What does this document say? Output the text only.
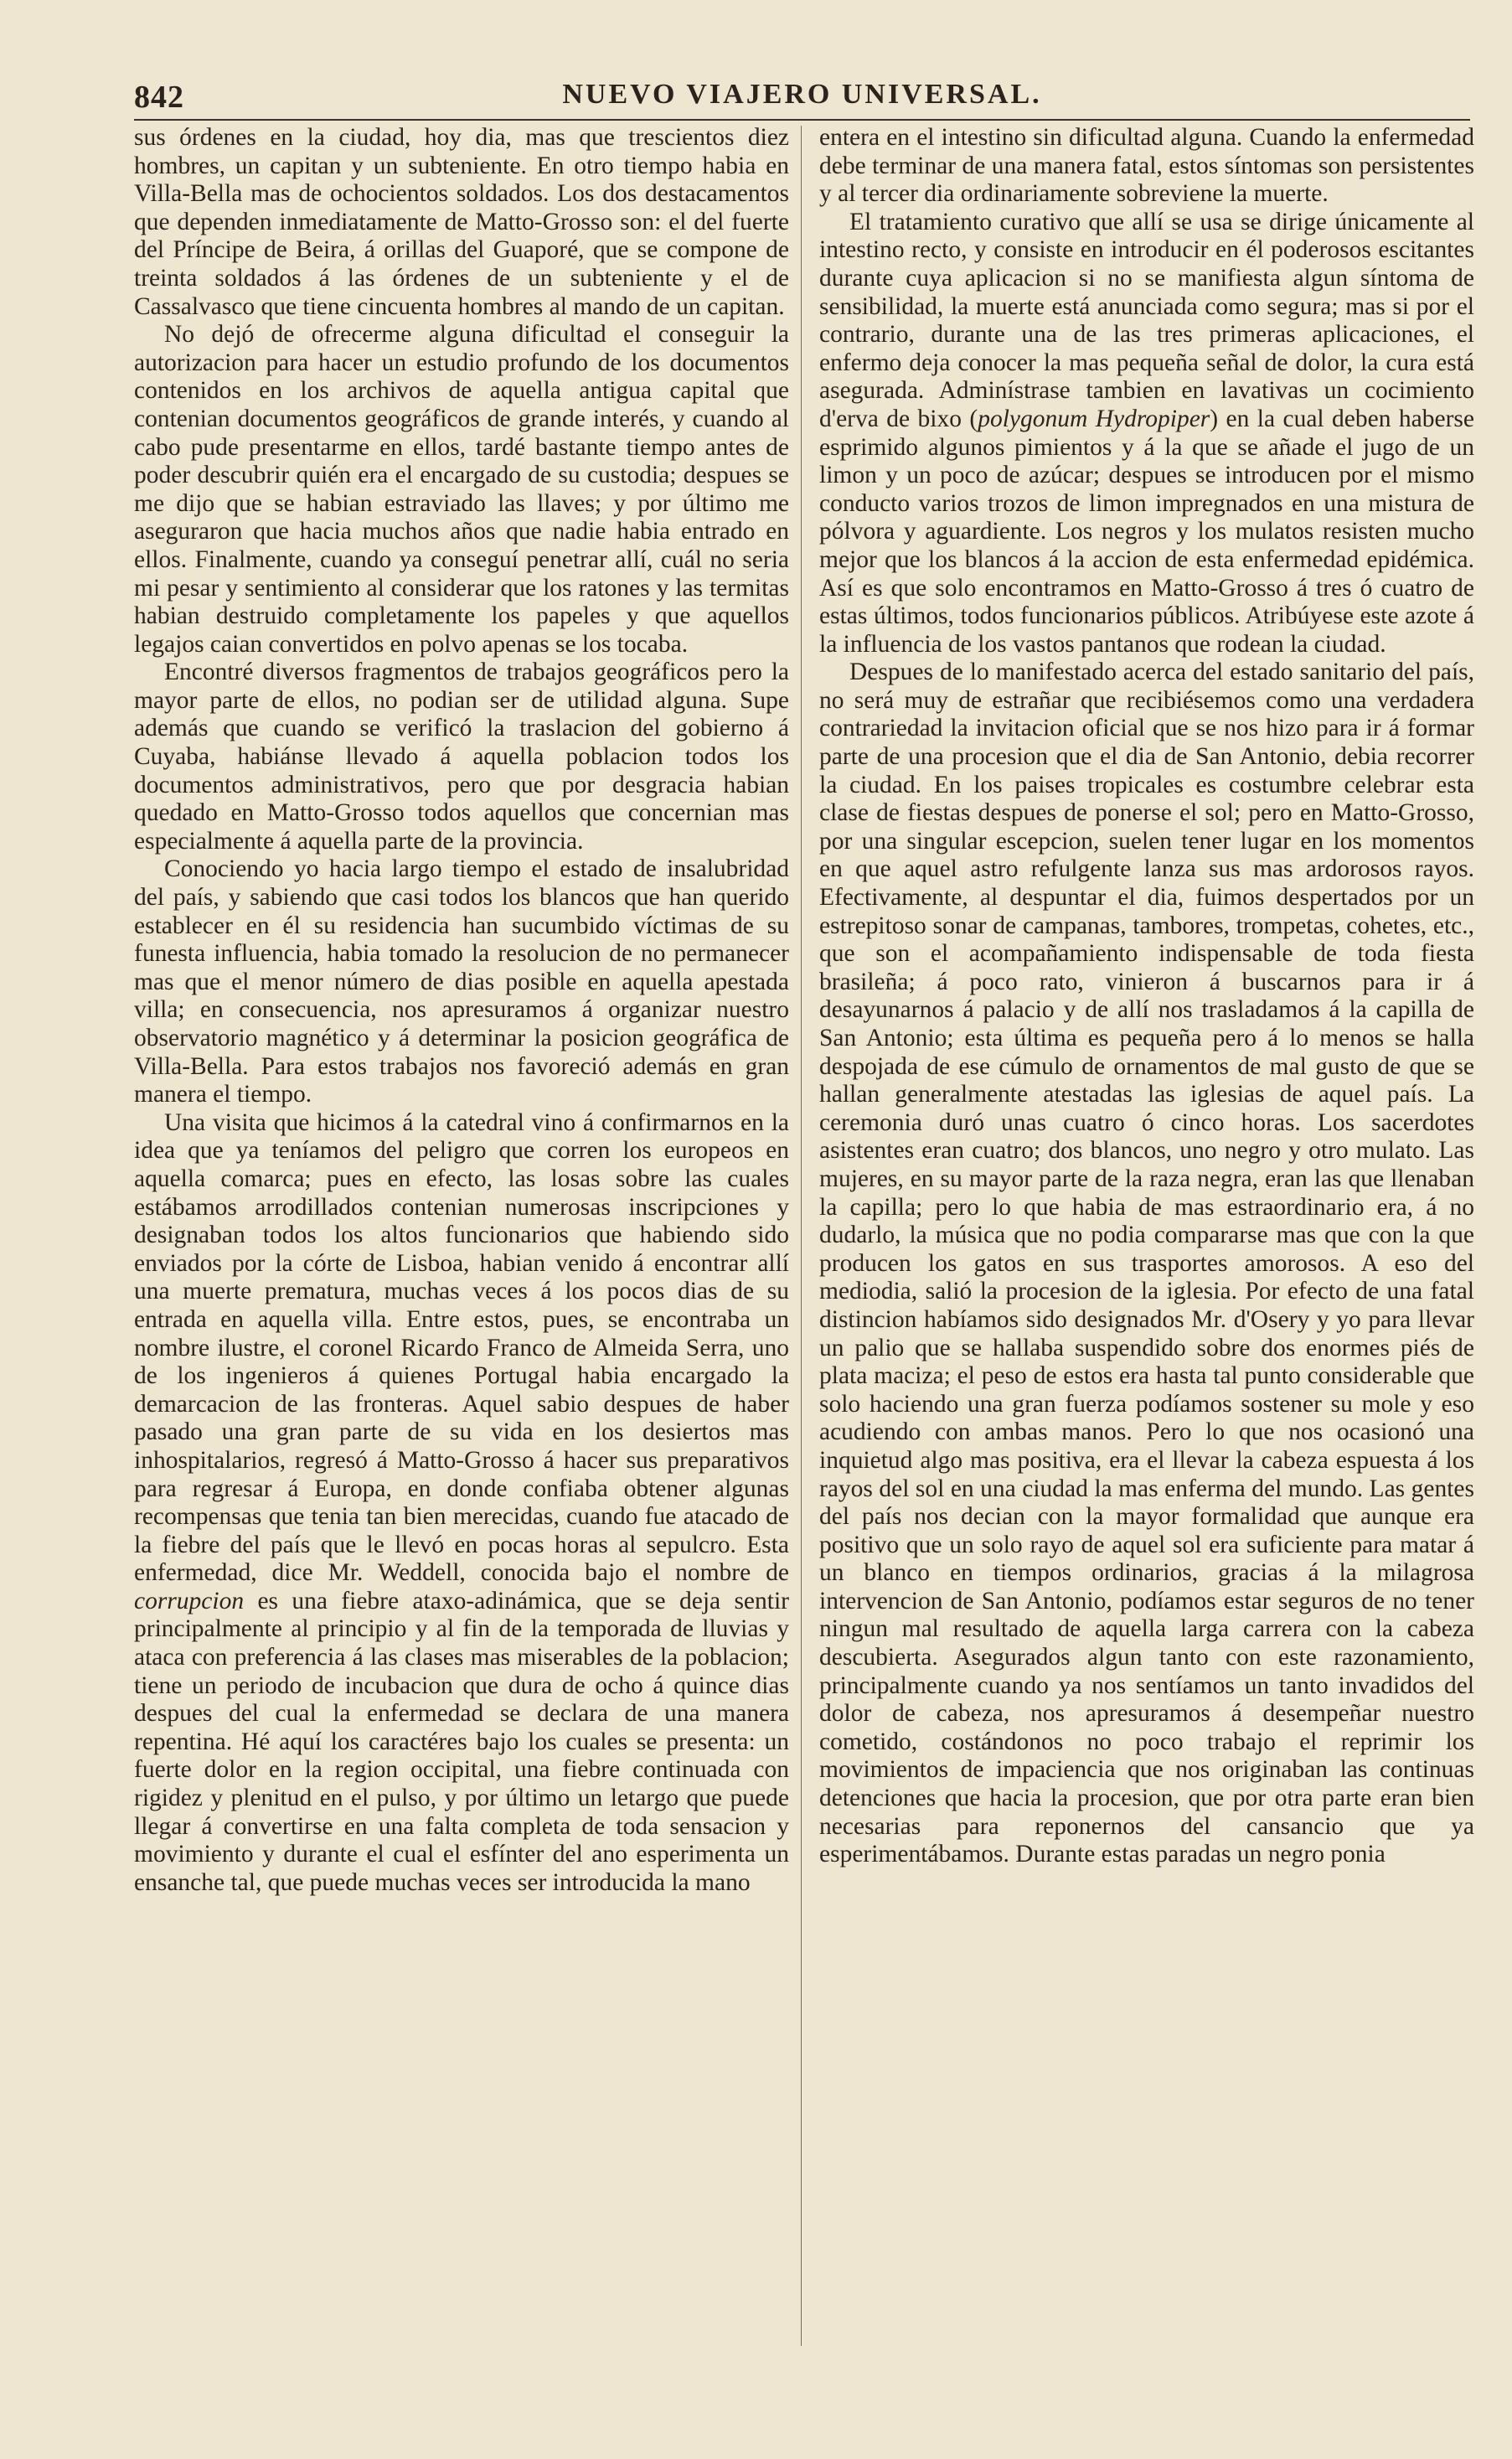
842	NUEVO VIAJERO UNIVERSAL.

sus órdenes en la ciudad, hoy dia, mas que trescientos diez hombres, un capitan y un subteniente. En otro tiempo habia en Villa-Bella mas de ochocientos soldados. Los dos destacamentos que dependen inmediatamente de Matto-Grosso son: el del fuerte del Príncipe de Beira, á orillas del Guaporé, que se compone de treinta soldados á las órdenes de un subteniente y el de Cassalvasco que tiene cincuenta hombres al mando de un capitan.

No dejó de ofrecerme alguna dificultad el conseguir la autorizacion para hacer un estudio profundo de los documentos contenidos en los archivos de aquella antigua capital que contenian documentos geográficos de grande interés, y cuando al cabo pude presentarme en ellos, tardé bastante tiempo antes de poder descubrir quién era el encargado de su custodia; despues se me dijo que se habian estraviado las llaves; y por último me aseguraron que hacia muchos años que nadie habia entrado en ellos. Finalmente, cuando ya conseguí penetrar allí, cuál no seria mi pesar y sentimiento al considerar que los ratones y las termitas habian destruido completamente los papeles y que aquellos legajos caian convertidos en polvo apenas se los tocaba.

Encontré diversos fragmentos de trabajos geográficos pero la mayor parte de ellos, no podian ser de utilidad alguna. Supe además que cuando se verificó la traslacion del gobierno á Cuyaba, habiánse llevado á aquella poblacion todos los documentos administrativos, pero que por desgracia habian quedado en Matto-Grosso todos aquellos que concernian mas especialmente á aquella parte de la provincia.

Conociendo yo hacia largo tiempo el estado de insalubridad del país, y sabiendo que casi todos los blancos que han querido establecer en él su residencia han sucumbido víctimas de su funesta influencia, habia tomado la resolucion de no permanecer mas que el menor número de dias posible en aquella apestada villa; en consecuencia, nos apresuramos á organizar nuestro observatorio magnético y á determinar la posicion geográfica de Villa-Bella. Para estos trabajos nos favoreció además en gran manera el tiempo.

Una visita que hicimos á la catedral vino á confirmarnos en la idea que ya teníamos del peligro que corren los europeos en aquella comarca; pues en efecto, las losas sobre las cuales estábamos arrodillados contenian numerosas inscripciones y designaban todos los altos funcionarios que habiendo sido enviados por la córte de Lisboa, habian venido á encontrar allí una muerte prematura, muchas veces á los pocos dias de su entrada en aquella villa. Entre estos, pues, se encontraba un nombre ilustre, el coronel Ricardo Franco de Almeida Serra, uno de los ingenieros á quienes Portugal habia encargado la demarcacion de las fronteras. Aquel sabio despues de haber pasado una gran parte de su vida en los desiertos mas inhospitalarios, regresó á Matto-Grosso á hacer sus preparativos para regresar á Europa, en donde confiaba obtener algunas recompensas que tenia tan bien merecidas, cuando fue atacado de la fiebre del país que le llevó en pocas horas al sepulcro. Esta enfermedad, dice Mr. Weddell, conocida bajo el nombre de corrupcion es una fiebre ataxo-adinámica, que se deja sentir principalmente al principio y al fin de la temporada de lluvias y ataca con preferencia á las clases mas miserables de la poblacion; tiene un periodo de incubacion que dura de ocho á quince dias despues del cual la enfermedad se declara de una manera repentina. Hé aquí los caractéres bajo los cuales se presenta: un fuerte dolor en la region occipital, una fiebre continuada con rigidez y plenitud en el pulso, y por último un letargo que puede llegar á convertirse en una falta completa de toda sensacion y movimiento y durante el cual el esfínter del ano esperimenta un ensanche tal, que puede muchas veces ser introducida la mano

entera en el intestino sin dificultad alguna. Cuando la enfermedad debe terminar de una manera fatal, estos síntomas son persistentes y al tercer dia ordinariamente sobreviene la muerte.

El tratamiento curativo que allí se usa se dirige únicamente al intestino recto, y consiste en introducir en él poderosos escitantes durante cuya aplicacion si no se manifiesta algun síntoma de sensibilidad, la muerte está anunciada como segura; mas si por el contrario, durante una de las tres primeras aplicaciones, el enfermo deja conocer la mas pequeña señal de dolor, la cura está asegurada. Adminístrase tambien en lavativas un cocimiento d'erva de bixo (polygonum Hydropiper) en la cual deben haberse esprimido algunos pimientos y á la que se añade el jugo de un limon y un poco de azúcar; despues se introducen por el mismo conducto varios trozos de limon impregnados en una mistura de pólvora y aguardiente. Los negros y los mulatos resisten mucho mejor que los blancos á la accion de esta enfermedad epidémica. Así es que solo encontramos en Matto-Grosso á tres ó cuatro de estas últimos, todos funcionarios públicos. Atribúyese este azote á la influencia de los vastos pantanos que rodean la ciudad.

Despues de lo manifestado acerca del estado sanitario del país, no será muy de estrañar que recibiésemos como una verdadera contrariedad la invitacion oficial que se nos hizo para ir á formar parte de una procesion que el dia de San Antonio, debia recorrer la ciudad. En los paises tropicales es costumbre celebrar esta clase de fiestas despues de ponerse el sol; pero en Matto-Grosso, por una singular escepcion, suelen tener lugar en los momentos en que aquel astro refulgente lanza sus mas ardorosos rayos. Efectivamente, al despuntar el dia, fuimos despertados por un estrepitoso sonar de campanas, tambores, trompetas, cohetes, etc., que son el acompañamiento indispensable de toda fiesta brasileña; á poco rato, vinieron á buscarnos para ir á desayunarnos á palacio y de allí nos trasladamos á la capilla de San Antonio; esta última es pequeña pero á lo menos se halla despojada de ese cúmulo de ornamentos de mal gusto de que se hallan generalmente atestadas las iglesias de aquel país. La ceremonia duró unas cuatro ó cinco horas. Los sacerdotes asistentes eran cuatro; dos blancos, uno negro y otro mulato. Las mujeres, en su mayor parte de la raza negra, eran las que llenaban la capilla; pero lo que habia de mas estraordinario era, á no dudarlo, la música que no podia compararse mas que con la que producen los gatos en sus trasportes amorosos. A eso del mediodia, salió la procesion de la iglesia. Por efecto de una fatal distincion habíamos sido designados Mr. d'Osery y yo para llevar un palio que se hallaba suspendido sobre dos enormes piés de plata maciza; el peso de estos era hasta tal punto considerable que solo haciendo una gran fuerza podíamos sostener su mole y eso acudiendo con ambas manos. Pero lo que nos ocasionó una inquietud algo mas positiva, era el llevar la cabeza espuesta á los rayos del sol en una ciudad la mas enferma del mundo. Las gentes del país nos decian con la mayor formalidad que aunque era positivo que un solo rayo de aquel sol era suficiente para matar á un blanco en tiempos ordinarios, gracias á la milagrosa intervencion de San Antonio, podíamos estar seguros de no tener ningun mal resultado de aquella larga carrera con la cabeza descubierta. Asegurados algun tanto con este razonamiento, principalmente cuando ya nos sentíamos un tanto invadidos del dolor de cabeza, nos apresuramos á desempeñar nuestro cometido, costándonos no poco trabajo el reprimir los movimientos de impaciencia que nos originaban las continuas detenciones que hacia la procesion, que por otra parte eran bien necesarias para reponernos del cansancio que ya esperimentábamos. Durante estas paradas un negro ponia
